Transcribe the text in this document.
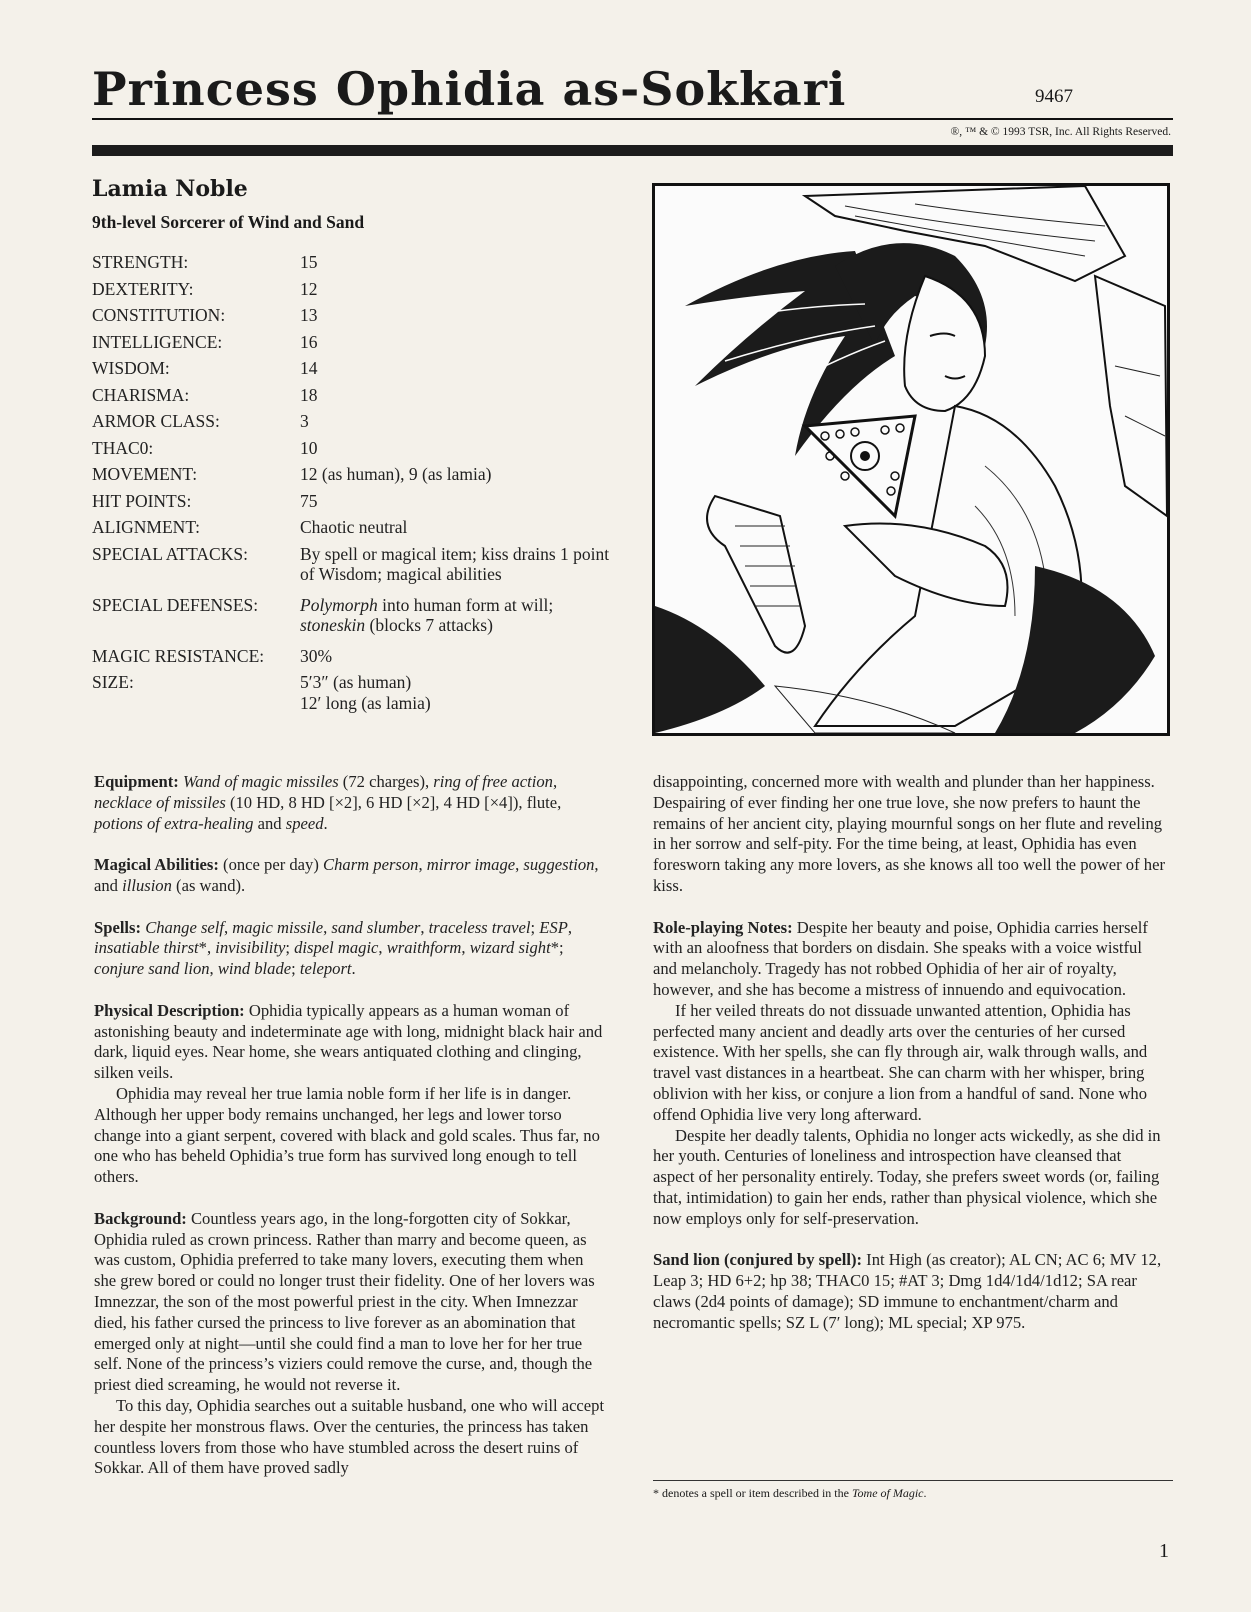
Princess Ophidia as-Sokkari	9467
®, ™ & © 1993 TSR, Inc. All Rights Reserved.
Lamia Noble
9th-level Sorcerer of Wind and Sand
STRENGTH:	15
DEXTERITY:	12
CONSTITUTION:	13
INTELLIGENCE:	16
WISDOM:	14
CHARISMA:	18
ARMOR CLASS:	3
THAC0:	10
MOVEMENT:	12 (as human), 9 (as lamia)
HIT POINTS:	75
ALIGNMENT:	Chaotic neutral
SPECIAL ATTACKS:	By spell or magical item; kiss drains 1 point of Wisdom; magical abilities
SPECIAL DEFENSES:	Polymorph into human form at will; stoneskin (blocks 7 attacks)
MAGIC RESISTANCE:	30%
SIZE:	5′3″ (as human)
12′ long (as lamia)

Equipment: Wand of magic missiles (72 charges), ring of free action, necklace of missiles (10 HD, 8 HD [×2], 6 HD [×2], 4 HD [×4]), flute, potions of extra-healing and speed.

Magical Abilities: (once per day) Charm person, mirror image, suggestion, and illusion (as wand).

Spells: Change self, magic missile, sand slumber, traceless travel; ESP, insatiable thirst*, invisibility; dispel magic, wraithform, wizard sight*; conjure sand lion, wind blade; teleport.

Physical Description: Ophidia typically appears as a human woman of astonishing beauty and indeterminate age with long, midnight black hair and dark, liquid eyes. Near home, she wears antiquated clothing and clinging, silken veils.

Ophidia may reveal her true lamia noble form if her life is in danger. Although her upper body remains unchanged, her legs and lower torso change into a giant serpent, covered with black and gold scales. Thus far, no one who has beheld Ophidia’s true form has survived long enough to tell others.

Background: Countless years ago, in the long-forgotten city of Sokkar, Ophidia ruled as crown princess. Rather than marry and become queen, as was custom, Ophidia preferred to take many lovers, executing them when she grew bored or could no longer trust their fidelity. One of her lovers was Imnezzar, the son of the most powerful priest in the city. When Imnezzar died, his father cursed the princess to live forever as an abomination that emerged only at night—until she could find a man to love her for her true self. None of the princess’s viziers could remove the curse, and, though the priest died screaming, he would not reverse it.

To this day, Ophidia searches out a suitable husband, one who will accept her despite her monstrous flaws. Over the centuries, the princess has taken countless lovers from those who have stumbled across the desert ruins of Sokkar. All of them have proved sadly

disappointing, concerned more with wealth and plunder than her happiness. Despairing of ever finding her one true love, she now prefers to haunt the remains of her ancient city, playing mournful songs on her flute and reveling in her sorrow and self-pity. For the time being, at least, Ophidia has even foresworn taking any more lovers, as she knows all too well the power of her kiss.

Role-playing Notes: Despite her beauty and poise, Ophidia carries herself with an aloofness that borders on disdain. She speaks with a voice wistful and melancholy. Tragedy has not robbed Ophidia of her air of royalty, however, and she has become a mistress of innuendo and equivocation.

If her veiled threats do not dissuade unwanted attention, Ophidia has perfected many ancient and deadly arts over the centuries of her cursed existence. With her spells, she can fly through air, walk through walls, and travel vast distances in a heartbeat. She can charm with her whisper, bring oblivion with her kiss, or conjure a lion from a handful of sand. None who offend Ophidia live very long afterward.

Despite her deadly talents, Ophidia no longer acts wickedly, as she did in her youth. Centuries of loneliness and introspection have cleansed that aspect of her personality entirely. Today, she prefers sweet words (or, failing that, intimidation) to gain her ends, rather than physical violence, which she now employs only for self-preservation.

Sand lion (conjured by spell): Int High (as creator); AL CN; AC 6; MV 12, Leap 3; HD 6+2; hp 38; THAC0 15; #AT 3; Dmg 1d4/1d4/1d12; SA rear claws (2d4 points of damage); SD immune to enchantment/charm and necromantic spells; SZ L (7′ long); ML special; XP 975.

* denotes a spell or item described in the Tome of Magic.
1
